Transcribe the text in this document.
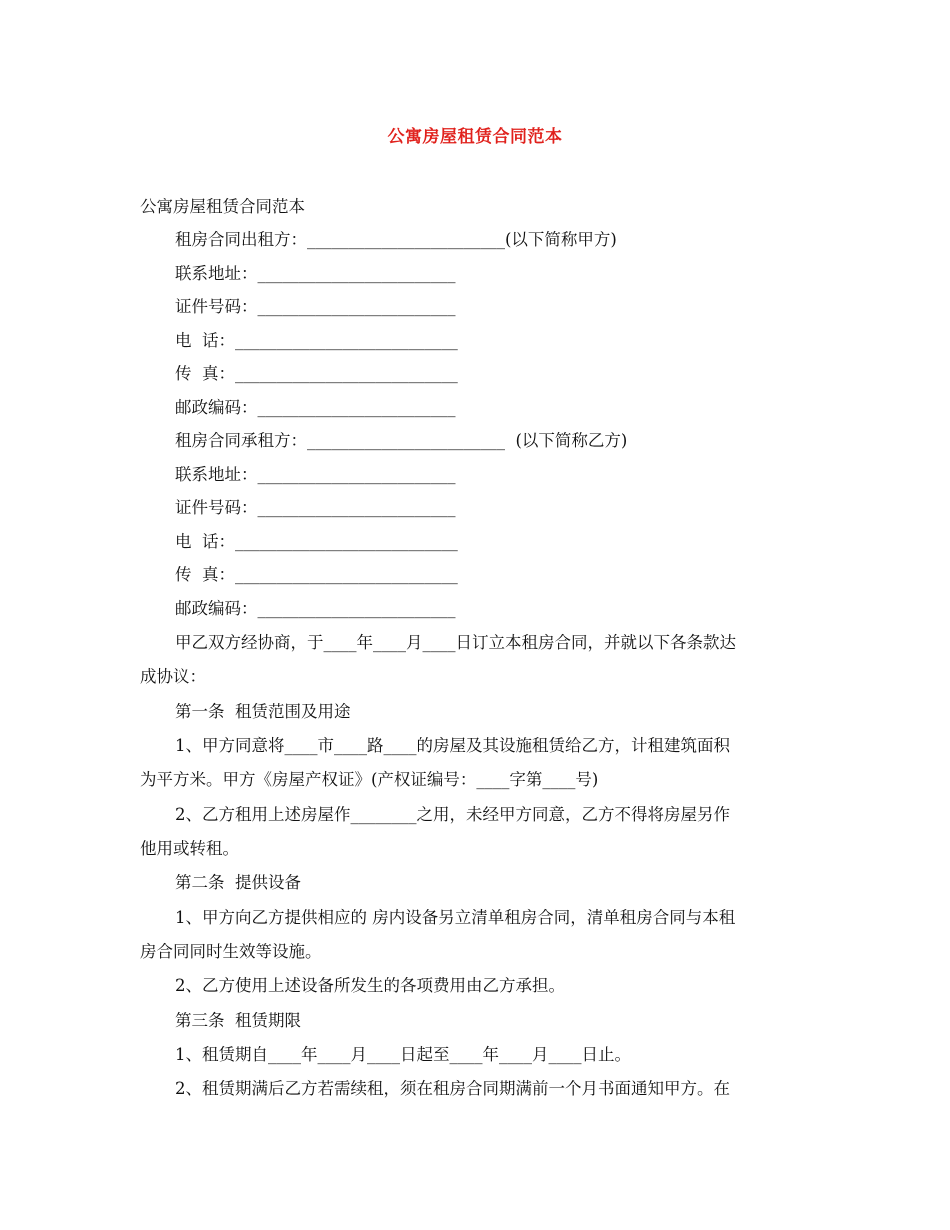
公寓房屋租赁合同范本
公寓房屋租赁合同范本
租房合同出租方：________________________(以下简称甲方)
联系地址：________________________
证件号码：________________________
电  话：___________________________
传  真：___________________________
邮政编码：________________________
租房合同承租方：________________________  (以下简称乙方)
联系地址：________________________
证件号码：________________________
电  话：___________________________
传  真：___________________________
邮政编码：________________________
甲乙双方经协商，于____年____月____日订立本租房合同，并就以下各条款达
成协议：
第一条  租赁范围及用途
1、甲方同意将____市____路____的房屋及其设施租赁给乙方，计租建筑面积
为平方米。甲方《房屋产权证》(产权证编号：____字第____号)
2、乙方租用上述房屋作________之用，未经甲方同意，乙方不得将房屋另作
他用或转租。
第二条  提供设备
1、甲方向乙方提供相应的 房内设备另立清单租房合同，清单租房合同与本租
房合同同时生效等设施。
2、乙方使用上述设备所发生的各项费用由乙方承担。
第三条  租赁期限
1、租赁期自____年____月____日起至____年____月____日止。
2、租赁期满后乙方若需续租，须在租房合同期满前一个月书面通知甲方。在
